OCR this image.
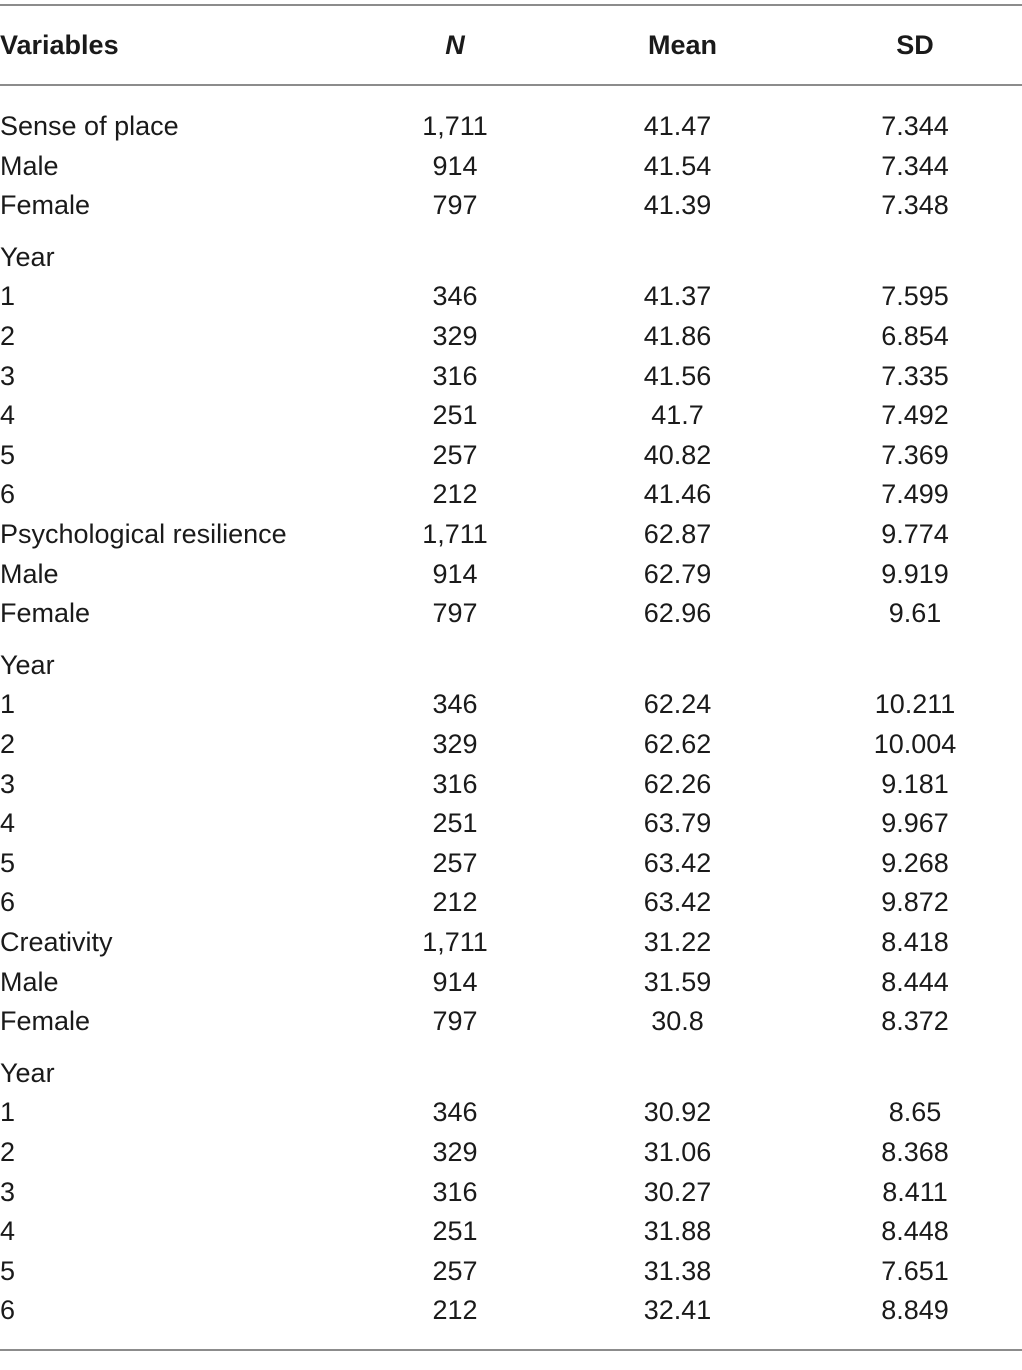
Variables	N	Mean	SD
Sense of place	1,711	41.47	7.344
Male	914	41.54	7.344
Female	797	41.39	7.348
Year
1	346	41.37	7.595
2	329	41.86	6.854
3	316	41.56	7.335
4	251	41.7	7.492
5	257	40.82	7.369
6	212	41.46	7.499
Psychological resilience	1,711	62.87	9.774
Male	914	62.79	9.919
Female	797	62.96	9.61
Year
1	346	62.24	10.211
2	329	62.62	10.004
3	316	62.26	9.181
4	251	63.79	9.967
5	257	63.42	9.268
6	212	63.42	9.872
Creativity	1,711	31.22	8.418
Male	914	31.59	8.444
Female	797	30.8	8.372
Year
1	346	30.92	8.65
2	329	31.06	8.368
3	316	30.27	8.411
4	251	31.88	8.448
5	257	31.38	7.651
6	212	32.41	8.849
